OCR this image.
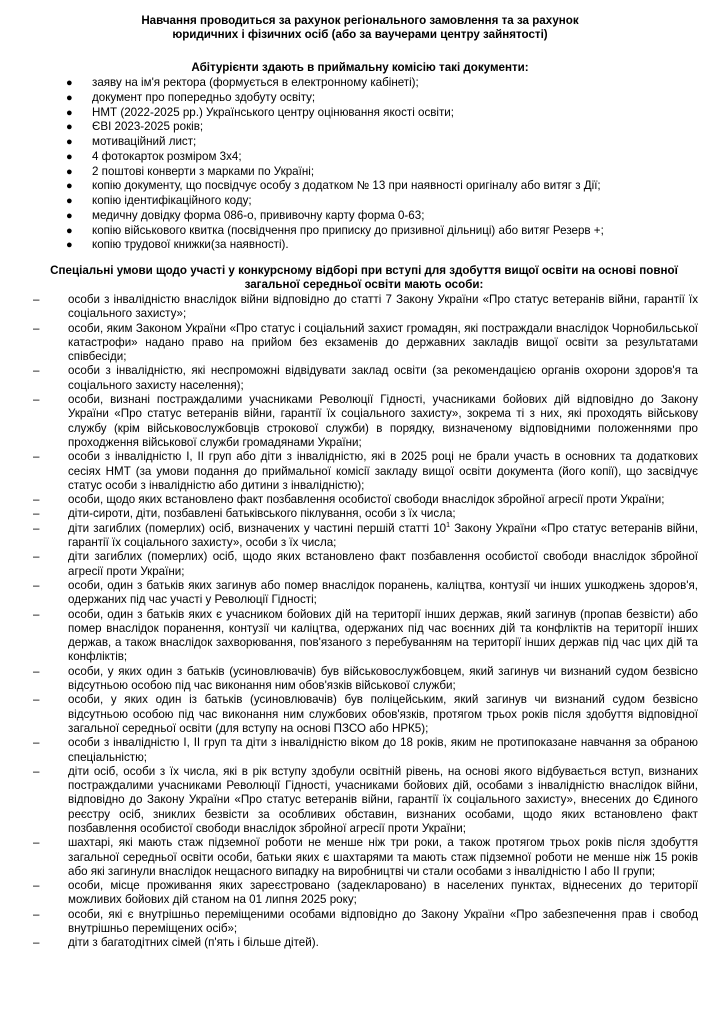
Навчання проводиться за рахунок регіонального замовлення та за рахунок
юридичних і фізичних осіб (або за ваучерами центру зайнятості)
Абітурієнти здають в приймальну комісію такі документи:
● заяву на ім'я ректора (формується в електронному кабінеті);
● документ про попередньо здобуту освіту;
● НМТ (2022-2025 рр.) Українського центру оцінювання якості освіти;
● ЄВІ 2023-2025 років;
● мотиваційний лист;
● 4 фотокарток розміром 3х4;
● 2 поштові конверти з марками по Україні;
● копію документу, що посвідчує особу з додатком № 13 при наявності оригіналу або витяг з Дії;
● копію ідентифікаційного коду;
● медичну довідку форма 086-о, прививочну карту форма 0-63;
● копію військового квитка (посвідчення про приписку до призивної дільниці) або витяг Резерв +;
● копію трудової книжки(за наявності).
Спеціальні умови щодо участі у конкурсному відборі при вступі для здобуття вищої освіти на основі повної
загальної середньої освіти мають особи:
– особи з інвалідністю внаслідок війни відповідно до статті 7 Закону України «Про статус ветеранів війни, гарантії їх соціального захисту»;
– особи, яким Законом України «Про статус і соціальний захист громадян, які постраждали внаслідок Чорнобильської катастрофи» надано право на прийом без екзаменів до державних закладів вищої освіти за результатами співбесіди;
– особи з інвалідністю, які неспроможні відвідувати заклад освіти (за рекомендацією органів охорони здоров'я та соціального захисту населення);
– особи, визнані постраждалими учасниками Революції Гідності, учасниками бойових дій відповідно до Закону України «Про статус ветеранів війни, гарантії їх соціального захисту», зокрема ті з них, які проходять військову службу (крім військовослужбовців строкової служби) в порядку, визначеному відповідними положеннями про проходження військової служби громадянами України;
– особи з інвалідністю I, II груп або діти з інвалідністю, які в 2025 році не брали участь в основних та додаткових сесіях НМТ (за умови подання до приймальної комісії закладу вищої освіти документа (його копії), що засвідчує статус особи з інвалідністю або дитини з інвалідністю);
– особи, щодо яких встановлено факт позбавлення особистої свободи внаслідок збройної агресії проти України;
– діти-сироти, діти, позбавлені батьківського піклування, особи з їх числа;
– діти загиблих (померлих) осіб, визначених у частині першій статті $10^1$ Закону України «Про статус ветеранів війни, гарантії їх соціального захисту», особи з їх числа;
– діти загиблих (померлих) осіб, щодо яких встановлено факт позбавлення особистої свободи внаслідок збройної агресії проти України;
– особи, один з батьків яких загинув або помер внаслідок поранень, каліцтва, контузії чи інших ушкоджень здоров'я, одержаних під час участі у Революції Гідності;
– особи, один з батьків яких є учасником бойових дій на території інших держав, який загинув (пропав безвісти) або помер внаслідок поранення, контузії чи каліцтва, одержаних під час воєнних дій та конфліктів на території інших держав, а також внаслідок захворювання, пов'язаного з перебуванням на території інших держав під час цих дій та конфліктів;
– особи, у яких один з батьків (усиновлювачів) був військовослужбовцем, який загинув чи визнаний судом безвісно відсутньою особою під час виконання ним обов'язків військової служби;
– особи, у яких один із батьків (усиновлювачів) був поліцейським, який загинув чи визнаний судом безвісно відсутньою особою під час виконання ним службових обов'язків, протягом трьох років після здобуття відповідної загальної середньої освіти (для вступу на основі ПЗСО або НРК5);
– особи з інвалідністю I, II груп та діти з інвалідністю віком до 18 років, яким не протипоказане навчання за обраною спеціальністю;
– діти осіб, особи з їх числа, які в рік вступу здобули освітній рівень, на основі якого відбувається вступ, визнаних постраждалими учасниками Революції Гідності, учасниками бойових дій, особами з інвалідністю внаслідок війни, відповідно до Закону України «Про статус ветеранів війни, гарантії їх соціального захисту», внесених до Єдиного реєстру осіб, зниклих безвісти за особливих обставин, визнаних особами, щодо яких встановлено факт позбавлення особистої свободи внаслідок збройної агресії проти України;
– шахтарі, які мають стаж підземної роботи не менше ніж три роки, а також протягом трьох років після здобуття загальної середньої освіти особи, батьки яких є шахтарями та мають стаж підземної роботи не менше ніж 15 років або які загинули внаслідок нещасного випадку на виробництві чи стали особами з інвалідністю I або II групи;
– особи, місце проживання яких зареєстровано (задекларовано) в населених пунктах, віднесених до території можливих бойових дій станом на 01 липня 2025 року;
– особи, які є внутрішньо переміщеними особами відповідно до Закону України «Про забезпечення прав і свобод внутрішньо переміщених осіб»;
– діти з багатодітних сімей (п'ять і більше дітей).
